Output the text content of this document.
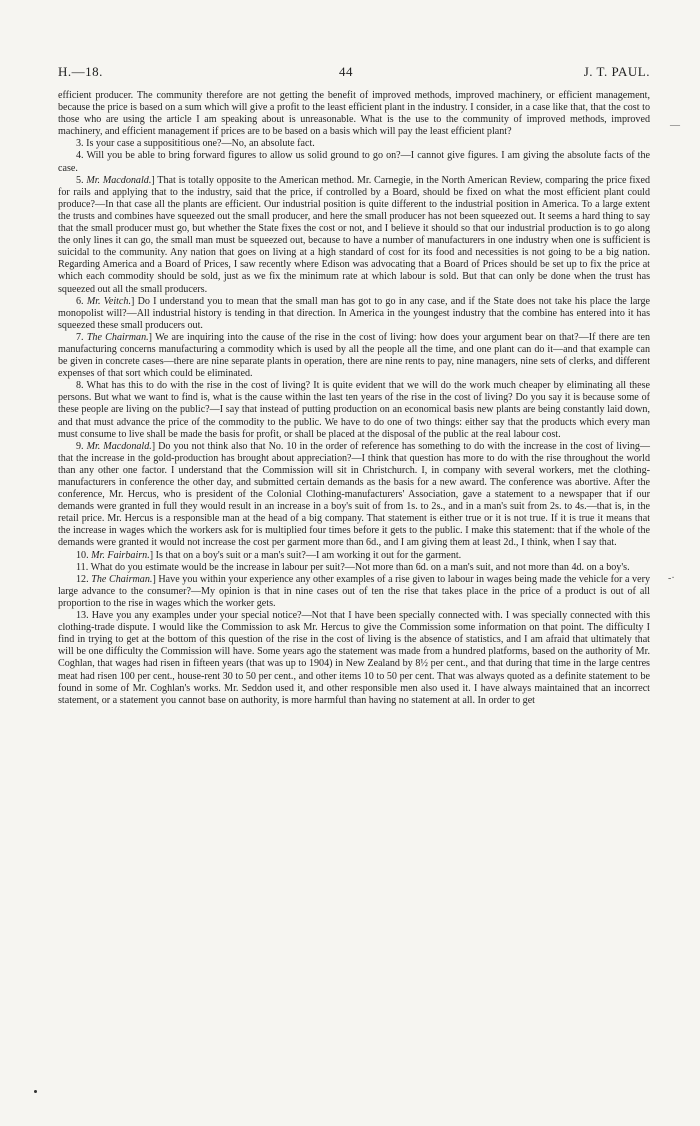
H.—18.	44	J. T. PAUL.

efficient producer. The community therefore are not getting the benefit of improved methods, improved machinery, or efficient management, because the price is based on a sum which will give a profit to the least efficient plant in the industry. I consider, in a case like that, that the cost to those who are using the article I am speaking about is unreasonable. What is the use to the community of improved methods, improved machinery, and efficient management if prices are to be based on a basis which will pay the least efficient plant?

3. Is your case a supposititious one?—No, an absolute fact.

4. Will you be able to bring forward figures to allow us solid ground to go on?—I cannot give figures. I am giving the absolute facts of the case.

5. Mr. Macdonald.] That is totally opposite to the American method. Mr. Carnegie, in the North American Review, comparing the price fixed for rails and applying that to the industry, said that the price, if controlled by a Board, should be fixed on what the most efficient plant could produce?—In that case all the plants are efficient. Our industrial position is quite different to the industrial position in America. To a large extent the trusts and combines have squeezed out the small producer, and here the small producer has not been squeezed out. It seems a hard thing to say that the small producer must go, but whether the State fixes the cost or not, and I believe it should so that our industrial production is to go along the only lines it can go, the small man must be squeezed out, because to have a number of manufacturers in one industry when one is sufficient is suicidal to the community. Any nation that goes on living at a high standard of cost for its food and necessities is not going to be a big nation. Regarding America and a Board of Prices, I saw recently where Edison was advocating that a Board of Prices should be set up to fix the price at which each commodity should be sold, just as we fix the minimum rate at which labour is sold. But that can only be done when the trust has squeezed out all the small producers.

6. Mr. Veitch.] Do I understand you to mean that the small man has got to go in any case, and if the State does not take his place the large monopolist will?—All industrial history is tending in that direction. In America in the youngest industry that the combine has entered into it has squeezed these small producers out.

7. The Chairman.] We are inquiring into the cause of the rise in the cost of living: how does your argument bear on that?—If there are ten manufacturing concerns manufacturing a commodity which is used by all the people all the time, and one plant can do it—and that example can be given in concrete cases—there are nine separate plants in operation, there are nine rents to pay, nine managers, nine sets of clerks, and different expenses of that sort which could be eliminated.

8. What has this to do with the rise in the cost of living? It is quite evident that we will do the work much cheaper by eliminating all these persons. But what we want to find is, what is the cause within the last ten years of the rise in the cost of living? Do you say it is because some of these people are living on the public?—I say that instead of putting production on an economical basis new plants are being constantly laid down, and that must advance the price of the commodity to the public. We have to do one of two things: either say that the products which every man must consume to live shall be made the basis for profit, or shall be placed at the disposal of the public at the real labour cost.

9. Mr. Macdonald.] Do you not think also that No. 10 in the order of reference has something to do with the increase in the cost of living—that the increase in the gold-production has brought about appreciation?—I think that question has more to do with the rise throughout the world than any other one factor. I understand that the Commission will sit in Christchurch. I, in company with several workers, met the clothing-manufacturers in conference the other day, and submitted certain demands as the basis for a new award. The conference was abortive. After the conference, Mr. Hercus, who is president of the Colonial Clothing-manufacturers' Association, gave a statement to a newspaper that if our demands were granted in full they would result in an increase in a boy's suit of from 1s. to 2s., and in a man's suit from 2s. to 4s.—that is, in the retail price. Mr. Hercus is a responsible man at the head of a big company. That statement is either true or it is not true. If it is true it means that the increase in wages which the workers ask for is multiplied four times before it gets to the public. I make this statement: that if the whole of the demands were granted it would not increase the cost per garment more than 6d., and I am giving them at least 2d., I think, when I say that.

10. Mr. Fairbairn.] Is that on a boy's suit or a man's suit?—I am working it out for the garment.

11. What do you estimate would be the increase in labour per suit?—Not more than 6d. on a man's suit, and not more than 4d. on a boy's.

12. The Chairman.] Have you within your experience any other examples of a rise given to labour in wages being made the vehicle for a very large advance to the consumer?—My opinion is that in nine cases out of ten the rise that takes place in the price of a product is out of all proportion to the rise in wages which the worker gets.

13. Have you any examples under your special notice?—Not that I have been specially connected with. I was specially connected with this clothing-trade dispute. I would like the Commission to ask Mr. Hercus to give the Commission some information on that point. The difficulty I find in trying to get at the bottom of this question of the rise in the cost of living is the absence of statistics, and I am afraid that ultimately that will be one difficulty the Commission will have. Some years ago the statement was made from a hundred platforms, based on the authority of Mr. Coghlan, that wages had risen in fifteen years (that was up to 1904) in New Zealand by 8½ per cent., and that during that time in the large centres meat had risen 100 per cent., house-rent 30 to 50 per cent., and other items 10 to 50 per cent. That was always quoted as a definite statement to be found in some of Mr. Coghlan's works. Mr. Seddon used it, and other responsible men also used it. I have always maintained that an incorrect statement, or a statement you cannot base on authority, is more harmful than having no statement at all. In order to get

—
-·
